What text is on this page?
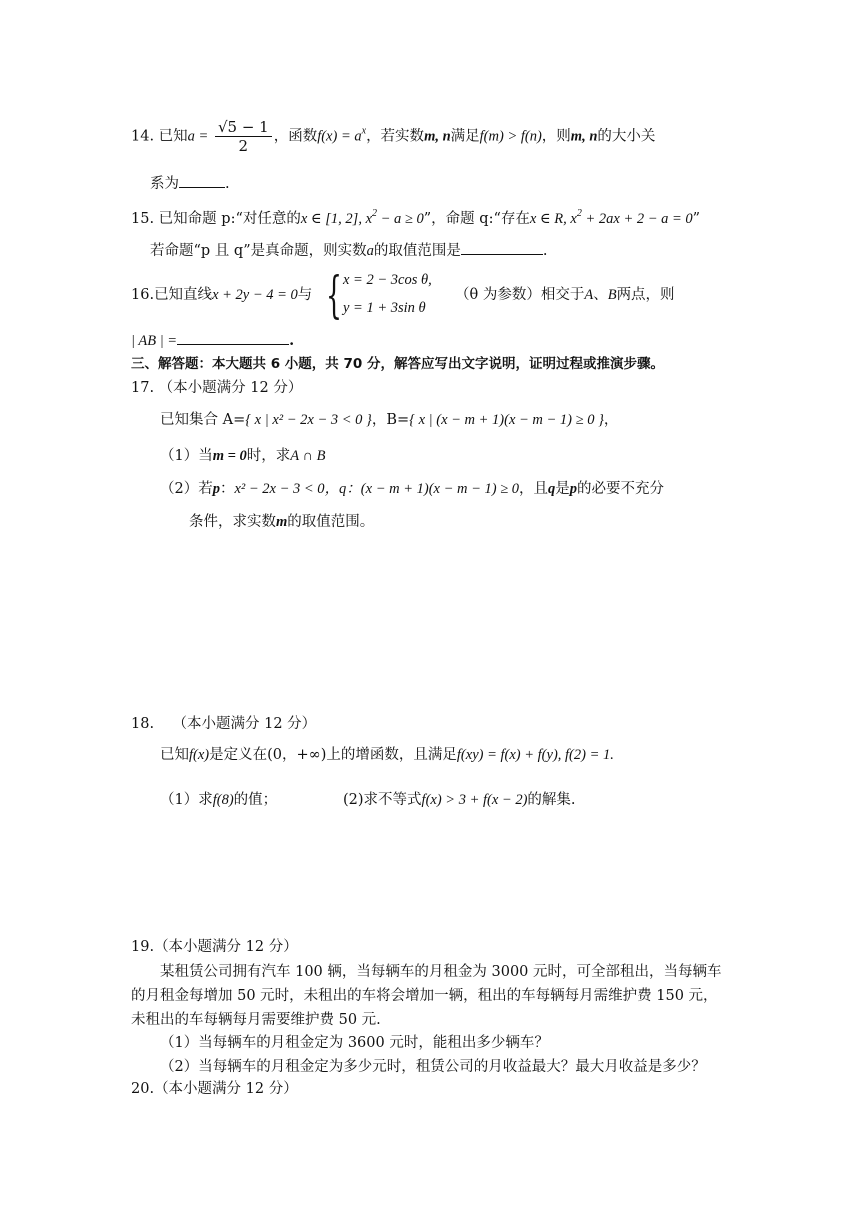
14. 已知$a = \frac{√5 - 1}{2}$ ，函数$f(x) = a^x$，若实数m, n满足f(m) > f(n)，则m, n的大小关
系为	.
15. 已知命题 p:“对任意的x ∈ [1, 2], $x^2 - a \ge 0$”，命题 q:“存在x ∈ R, $x^2 + 2ax + 2 - a = 0$”
若命题“p 且 q”是真命题，则实数a的取值范围是	.
16.已知直线x + 2y − 4 = 0与 { x = 2 − 3cos θ,
y = 1 + 3sin θ
（θ 为参数）相交于A、B两点，则
| AB | =	.
三、解答题：本大题共 6 小题，共 70 分，解答应写出文字说明，证明过程或推演步骤。
17. （本小题满分 12 分）
已知集合 A={ x | x² − 2x − 3 < 0 }，B={ x | (x − m + 1)(x − m − 1) ≥ 0 }，
（1）当m = 0时，求A ∩ B
（2）若p：x² − 2x − 3 < 0，q：(x − m + 1)(x − m − 1) ≥ 0，且q是p的必要不充分
条件，求实数m的取值范围。
18. （本小题满分 12 分）
已知f(x)是定义在(0，+∞)上的增函数，且满足f(xy) = f(x) + f(y), f(2) = 1.
（1）求f(8)的值；	(2)求不等式f(x) > 3 + f(x − 2)的解集.
19.（本小题满分 12 分）
某租赁公司拥有汽车 100 辆，当每辆车的月租金为 3000 元时，可全部租出，当每辆车
的月租金每增加 50 元时，未租出的车将会增加一辆，租出的车每辆每月需维护费 150 元，
未租出的车每辆每月需要维护费 50 元.
（1）当每辆车的月租金定为 3600 元时，能租出多少辆车？
（2）当每辆车的月租金定为多少元时，租赁公司的月收益最大？最大月收益是多少？
20.（本小题满分 12 分）
